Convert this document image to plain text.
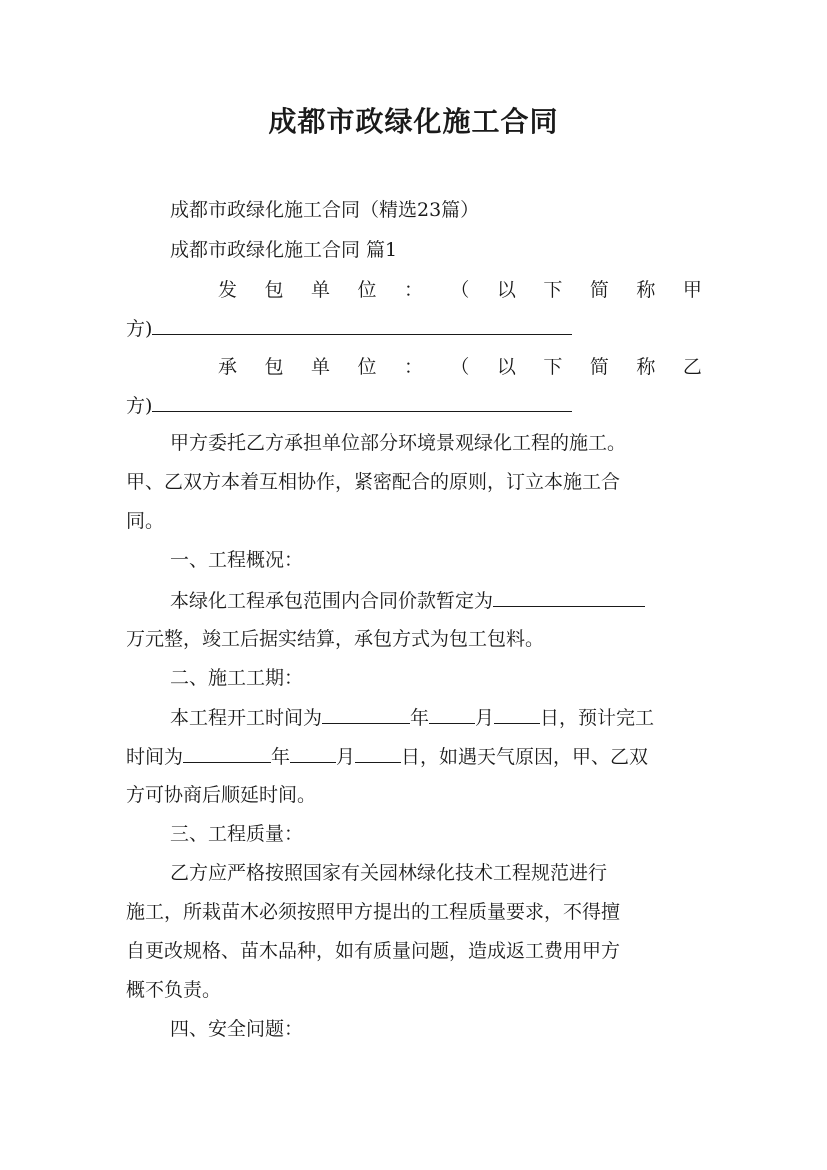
成都市政绿化施工合同
成都市政绿化施工合同（精选23篇）
成都市政绿化施工合同 篇1
发 包 单 位 ： （ 以 下 简 称 甲
方)
承 包 单 位 ： （ 以 下 简 称 乙
方)
甲方委托乙方承担单位部分环境景观绿化工程的施工。
甲、乙双方本着互相协作，紧密配合的原则，订立本施工合
同。
一、工程概况：
本绿化工程承包范围内合同价款暂定为
万元整，竣工后据实结算，承包方式为包工包料。
二、施工工期：
本工程开工时间为	年 月 日，预计完工
时间为	年 月 日，如遇天气原因，甲、乙双
方可协商后顺延时间。
三、工程质量：
乙方应严格按照国家有关园林绿化技术工程规范进行
施工，所栽苗木必须按照甲方提出的工程质量要求，不得擅
自更改规格、苗木品种，如有质量问题，造成返工费用甲方
概不负责。
四、安全问题：
